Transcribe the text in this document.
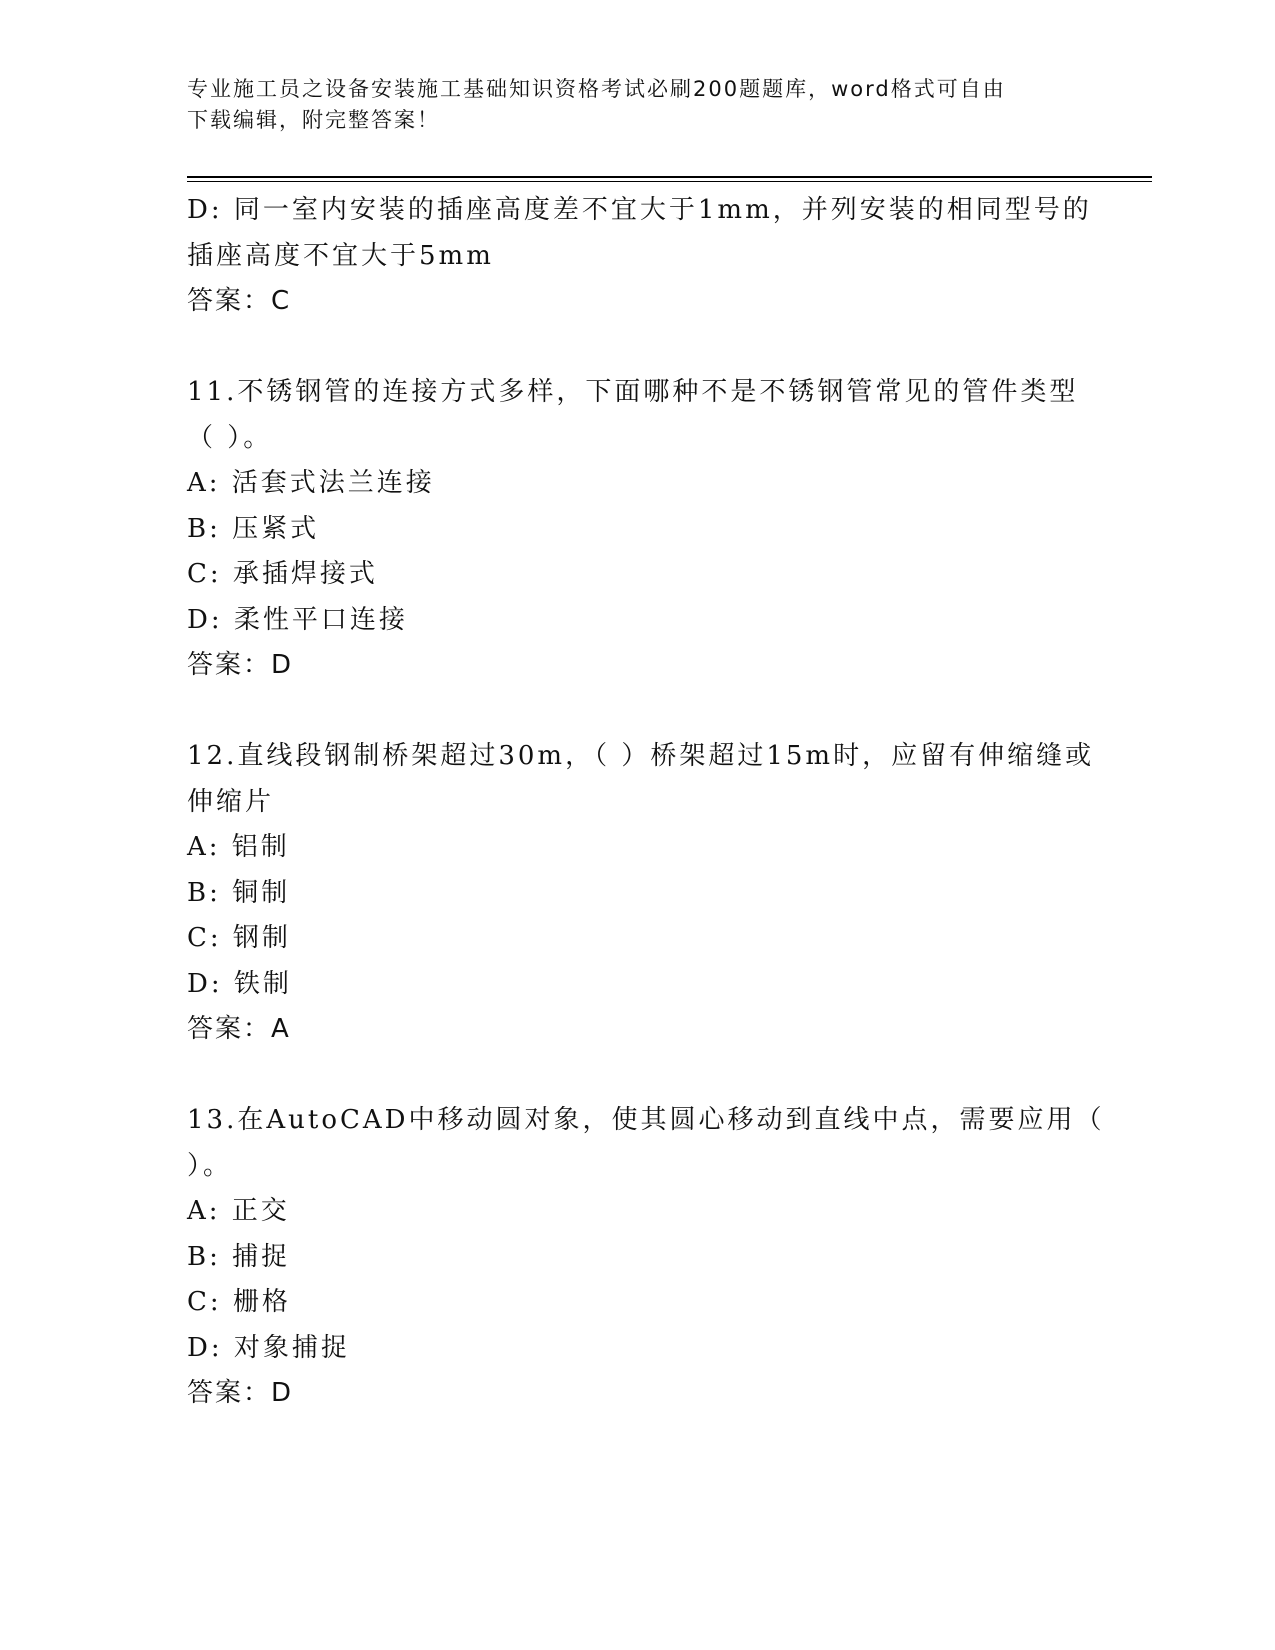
专业施工员之设备安装施工基础知识资格考试必刷200题题库，word格式可自由
下载编辑，附完整答案！
D: 同一室内安装的插座高度差不宜大于1mm，并列安装的相同型号的
插座高度不宜大于5mm
答案：C
11.不锈钢管的连接方式多样，下面哪种不是不锈钢管常见的管件类型
（ ）。
A: 活套式法兰连接
B: 压紧式
C: 承插焊接式
D: 柔性平口连接
答案：D
12.直线段钢制桥架超过30m，（ ）桥架超过15m时，应留有伸缩缝或
伸缩片
A: 铝制
B: 铜制
C: 钢制
D: 铁制
答案：A
13.在AutoCAD中移动圆对象，使其圆心移动到直线中点，需要应用（
）。
A: 正交
B: 捕捉
C: 栅格
D: 对象捕捉
答案：D
